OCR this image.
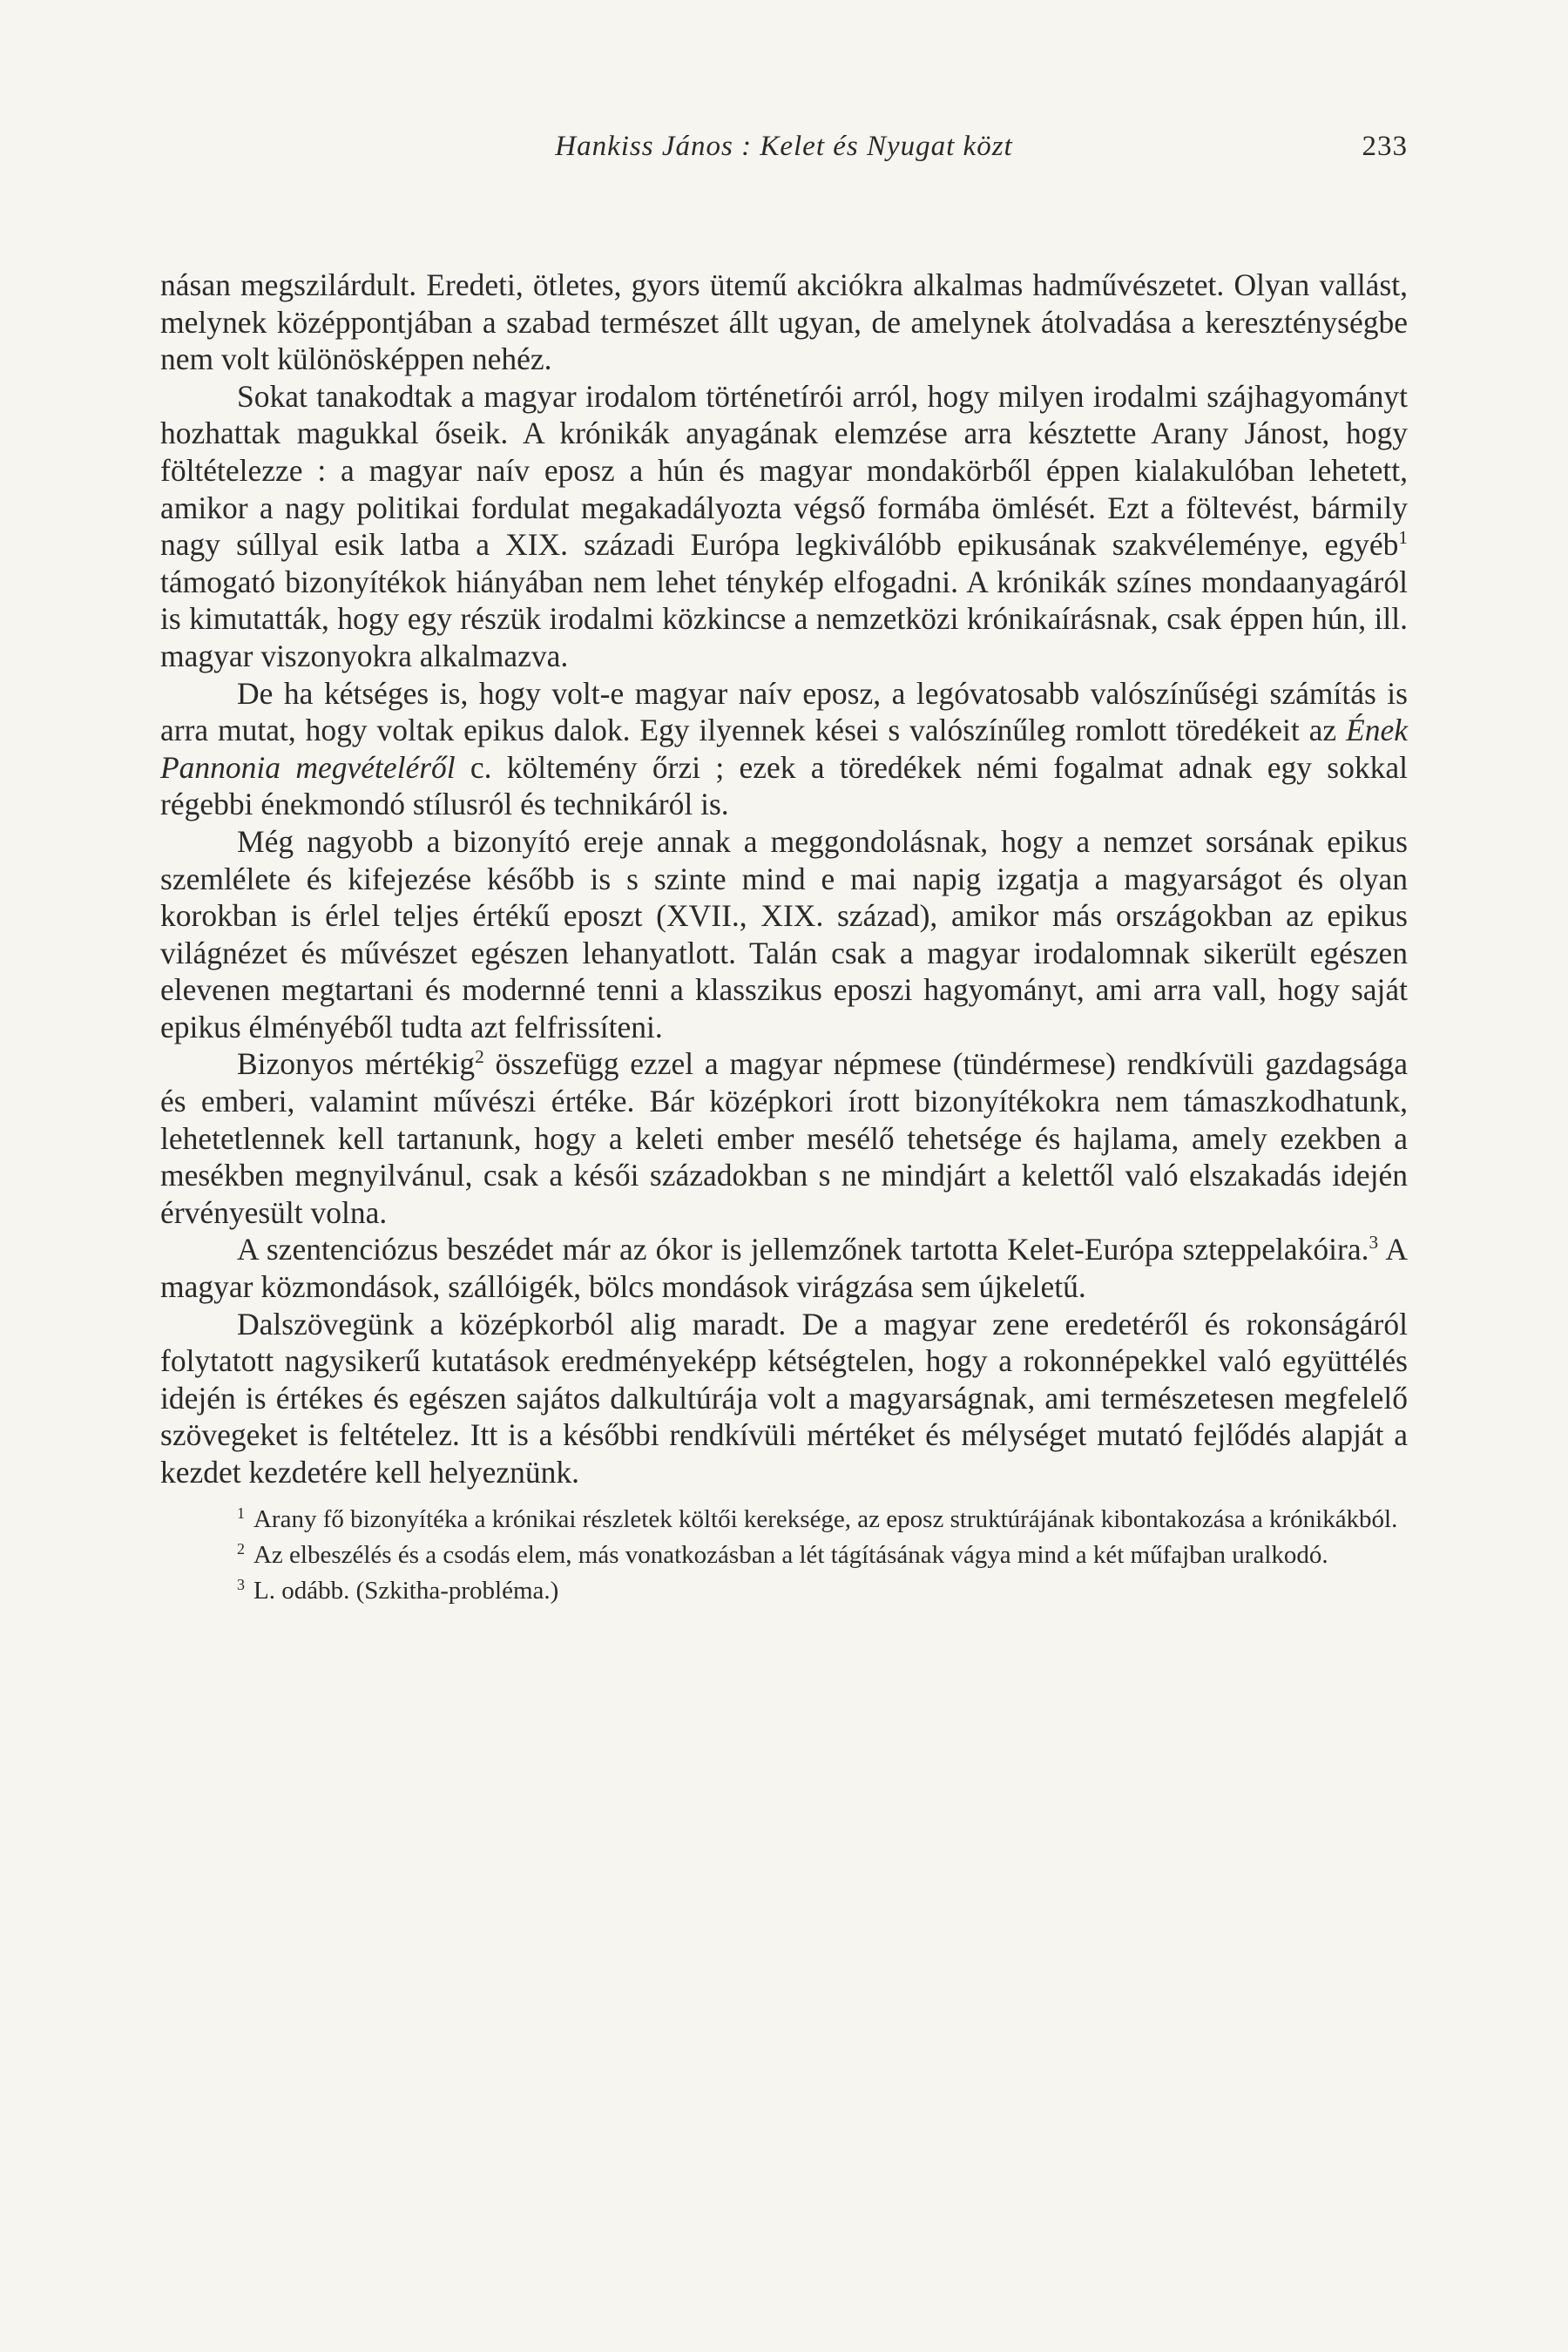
Hankiss János : Kelet és Nyugat közt	233

násan megszilárdult. Eredeti, ötletes, gyors ütemű akciókra alkalmas hadművészetet. Olyan vallást, melynek középpontjában a szabad természet állt ugyan, de amelynek átolvadása a kereszténységbe nem volt különösképpen nehéz.

Sokat tanakodtak a magyar irodalom történetírói arról, hogy milyen irodalmi szájhagyományt hozhattak magukkal őseik. A krónikák anyagának elemzése arra késztette Arany Jánost, hogy föltételezze : a magyar naív eposz a hún és magyar mondakörből éppen kialakulóban lehetett, amikor a nagy politikai fordulat megakadályozta végső formába ömlését. Ezt a föltevést, bármily nagy súllyal esik latba a XIX. századi Európa legkiválóbb epikusának szakvéleménye, egyéb$^1$ támogató bizonyítékok hiányában nem lehet ténykép elfogadni. A krónikák színes mondaanyagáról is kimutatták, hogy egy részük irodalmi közkincse a nemzetközi krónikaírásnak, csak éppen hún, ill. magyar viszonyokra alkalmazva.

De ha kétséges is, hogy volt-e magyar naív eposz, a legóvatosabb valószínűségi számítás is arra mutat, hogy voltak epikus dalok. Egy ilyennek kései s valószínűleg romlott töredékeit az Ének Pannonia megvételéről c. költemény őrzi ; ezek a töredékek némi fogalmat adnak egy sokkal régebbi énekmondó stílusról és technikáról is.

Még nagyobb a bizonyító ereje annak a meggondolásnak, hogy a nemzet sorsának epikus szemlélete és kifejezése később is s szinte mind e mai napig izgatja a magyarságot és olyan korokban is érlel teljes értékű eposzt (XVII., XIX. század), amikor más országokban az epikus világnézet és művészet egészen lehanyatlott. Talán csak a magyar irodalomnak sikerült egészen elevenen megtartani és modernné tenni a klasszikus eposzi hagyományt, ami arra vall, hogy saját epikus élményéből tudta azt felfrissíteni.

Bizonyos mértékig$^2$ összefügg ezzel a magyar népmese (tündérmese) rendkívüli gazdagsága és emberi, valamint művészi értéke. Bár középkori írott bizonyítékokra nem támaszkodhatunk, lehetetlennek kell tartanunk, hogy a keleti ember mesélő tehetsége és hajlama, amely ezekben a mesékben megnyilvánul, csak a késői századokban s ne mindjárt a kelettől való elszakadás idején érvényesült volna.

A szentenciózus beszédet már az ókor is jellemzőnek tartotta Kelet-Európa szteppelakóira.$^3$ A magyar közmondások, szállóigék, bölcs mondások virágzása sem újkeletű.

Dalszövegünk a középkorból alig maradt. De a magyar zene eredetéről és rokonságáról folytatott nagysikerű kutatások eredményeképp kétségtelen, hogy a rokonnépekkel való együttélés idején is értékes és egészen sajátos dalkultúrája volt a magyarságnak, ami természetesen megfelelő szövegeket is feltételez. Itt is a későbbi rendkívüli mértéket és mélységet mutató fejlődés alapját a kezdet kezdetére kell helyeznünk.

$^1$ Arany fő bizonyítéka a krónikai részletek költői kereksége, az eposz struktúrájának kibontakozása a krónikákból.

$^2$ Az elbeszélés és a csodás elem, más vonatkozásban a lét tágításának vágya mind a két műfajban uralkodó.

$^3$ L. odább. (Szkitha-probléma.)
